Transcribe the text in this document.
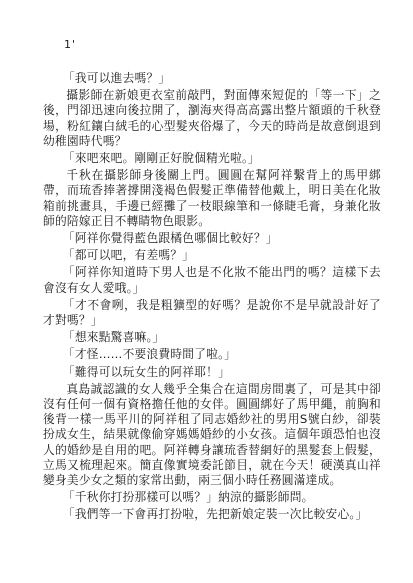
1'

「我可以進去嗎？」

攝影師在新娘更衣室前敲門，對面傳來短促的「等一下」之後，門卻迅速向後拉開了，瀏海夾得高高露出整片額頭的千秋登場，粉紅鑲白絨毛的心型髮夾俗爆了，今天的時尚是故意倒退到幼稚園時代嗎？

「來吧來吧。剛剛正好脫個精光啦。」

千秋在攝影師身後關上門。圓圓在幫阿祥繫背上的馬甲綁帶，而琉香捧著撐開淺褐色假髮正準備替他戴上，明日美在化妝箱前挑畫具，手邊已經攤了一枝眼線筆和一條睫毛膏，身兼化妝師的陪嫁正目不轉睛物色眼影。

「阿祥你覺得藍色跟橘色哪個比較好？」

「都可以吧，有差嗎？」

「阿祥你知道時下男人也是不化妝不能出門的嗎？這樣下去會沒有女人愛哦。」

「才不會咧，我是粗獷型的好嗎？是說你不是早就設計好了才對嗎？」

「想來點驚喜嘛。」

「才怪……不要浪費時間了啦。」

「難得可以玩女生的阿祥耶！」

真島誠認識的女人幾乎全集合在這間房間裏了，可是其中卻沒有任何一個有資格擔任他的女伴。圓圓綁好了馬甲繩，前胸和後背一樣一馬平川的阿祥租了同志婚紗社的男用S號白紗，卻裝扮成女生，結果就像偷穿媽媽婚紗的小女孩。這個年頭恐怕也沒人的婚紗是自用的吧。阿祥轉身讓琉香替網好的黑髮套上假髮，立馬又梳理起來。簡直像實境委託節目，就在今天！硬漢真山祥變身美少女之類的家常出動，兩三個小時任務圓滿達成。

「千秋你打扮那樣可以嗎？」納涼的攝影師問。

「我們等一下會再打扮啦，先把新娘定裝一次比較安心。」
